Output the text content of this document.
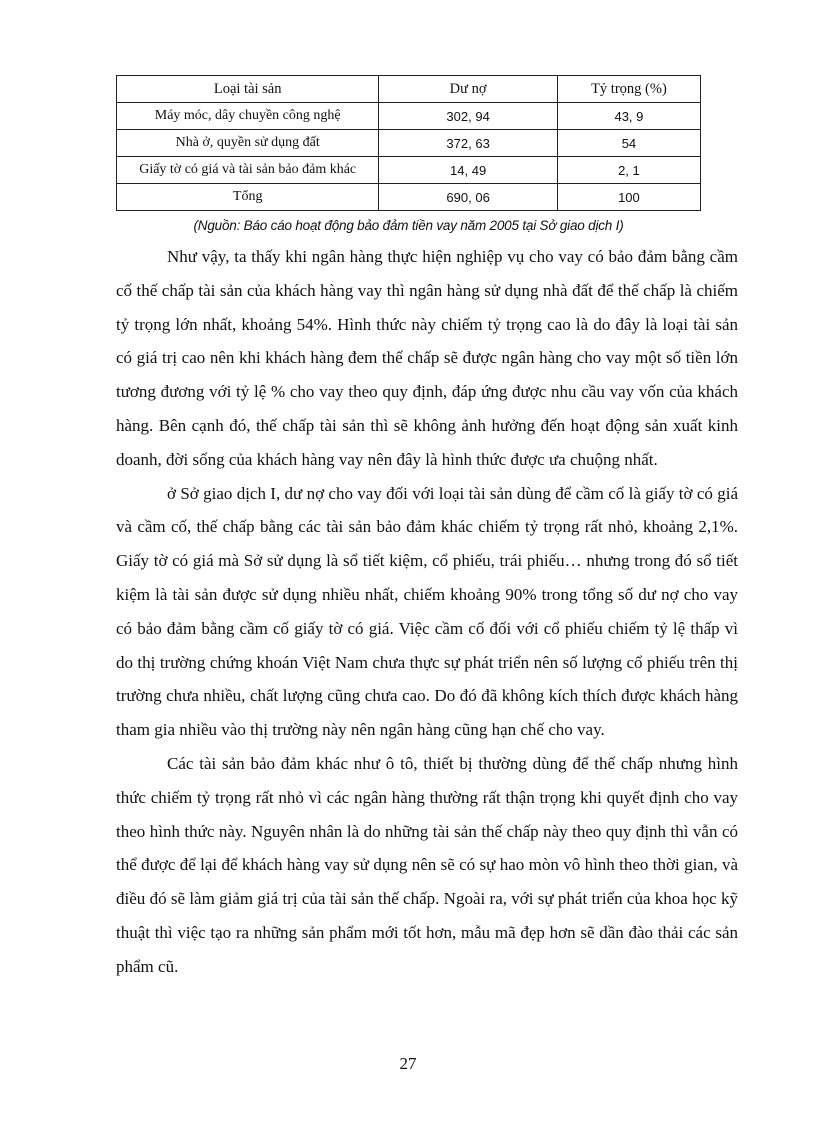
Loại tài sản	Dư nợ	Tỷ trọng (%)
Máy móc, dây chuyền công nghệ	302, 94	43, 9
Nhà ở, quyền sử dụng đất	372, 63	54
Giấy tờ có giá và tài sản bảo đảm khác	14, 49	2, 1
Tổng	690, 06	100
(Nguồn: Báo cáo hoạt động bảo đảm tiền vay năm 2005 tại Sở giao dịch I)

Như vậy, ta thấy khi ngân hàng thực hiện nghiệp vụ cho vay có bảo đảm bằng cầm cố thế chấp tài sản của khách hàng vay thì ngân hàng sử dụng nhà đất để thế chấp là chiếm tỷ trọng lớn nhất, khoảng 54%. Hình thức này chiếm tỷ trọng cao là do đây là loại tài sản có giá trị cao nên khi khách hàng đem thế chấp sẽ được ngân hàng cho vay một số tiền lớn tương đương với tỷ lệ % cho vay theo quy định, đáp ứng được nhu cầu vay vốn của khách hàng. Bên cạnh đó, thế chấp tài sản thì sẽ không ảnh hưởng đến hoạt động sản xuất kinh doanh, đời sống của khách hàng vay nên đây là hình thức được ưa chuộng nhất.

ở Sở giao dịch I, dư nợ cho vay đối với loại tài sản dùng để cầm cố là giấy tờ có giá và cầm cố, thế chấp bằng các tài sản bảo đảm khác chiếm tỷ trọng rất nhỏ, khoảng 2,1%. Giấy tờ có giá mà Sở sử dụng là sổ tiết kiệm, cổ phiếu, trái phiếu… nhưng trong đó sổ tiết kiệm là tài sản được sử dụng nhiều nhất, chiếm khoảng 90% trong tổng số dư nợ cho vay có bảo đảm bằng cầm cố giấy tờ có giá. Việc cầm cố đối với cổ phiếu chiếm tỷ lệ thấp vì do thị trường chứng khoán Việt Nam chưa thực sự phát triển nên số lượng cổ phiếu trên thị trường chưa nhiều, chất lượng cũng chưa cao. Do đó đã không kích thích được khách hàng tham gia nhiều vào thị trường này nên ngân hàng cũng hạn chế cho vay.

Các tài sản bảo đảm khác như ô tô, thiết bị thường dùng để thế chấp nhưng hình thức chiếm tỷ trọng rất nhỏ vì các ngân hàng thường rất thận trọng khi quyết định cho vay theo hình thức này. Nguyên nhân là do những tài sản thế chấp này theo quy định thì vẫn có thể được để lại để khách hàng vay sử dụng nên sẽ có sự hao mòn vô hình theo thời gian, và điều đó sẽ làm giảm giá trị của tài sản thế chấp. Ngoài ra, với sự phát triển của khoa học kỹ thuật thì việc tạo ra những sản phẩm mới tốt hơn, mẫu mã đẹp hơn sẽ dần đào thải các sản phẩm cũ.

27
